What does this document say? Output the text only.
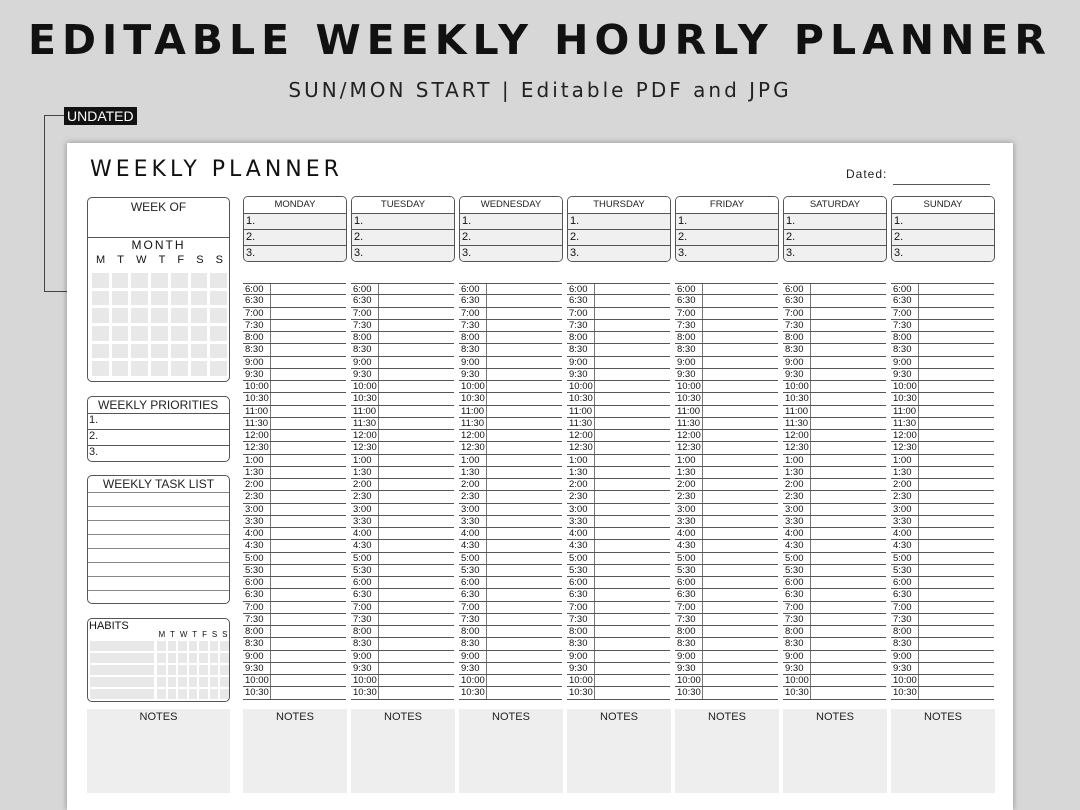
EDITABLE WEEKLY HOURLY PLANNER
SUN/MON START | Editable PDF and JPG
UNDATED
WEEKLY PLANNER	Dated:
WEEK OF
MONTH
M T W T F S S
WEEKLY PRIORITIES
1.
2.
3.
WEEKLY TASK LIST
HABITS
M T W T F S S
MONDAY
1.
2.
3.
6:00
6:30
7:00
7:30
8:00
8:30
9:00
9:30
10:00
10:30
11:00
11:30
12:00
12:30
1:00
1:30
2:00
2:30
3:00
3:30
4:00
4:30
5:00
5:30
6:00
6:30
7:00
7:30
8:00
8:30
9:00
9:30
10:00
10:30
TUESDAY
1.
2.
3.
6:00
6:30
7:00
7:30
8:00
8:30
9:00
9:30
10:00
10:30
11:00
11:30
12:00
12:30
1:00
1:30
2:00
2:30
3:00
3:30
4:00
4:30
5:00
5:30
6:00
6:30
7:00
7:30
8:00
8:30
9:00
9:30
10:00
10:30
WEDNESDAY
1.
2.
3.
6:00
6:30
7:00
7:30
8:00
8:30
9:00
9:30
10:00
10:30
11:00
11:30
12:00
12:30
1:00
1:30
2:00
2:30
3:00
3:30
4:00
4:30
5:00
5:30
6:00
6:30
7:00
7:30
8:00
8:30
9:00
9:30
10:00
10:30
THURSDAY
1.
2.
3.
6:00
6:30
7:00
7:30
8:00
8:30
9:00
9:30
10:00
10:30
11:00
11:30
12:00
12:30
1:00
1:30
2:00
2:30
3:00
3:30
4:00
4:30
5:00
5:30
6:00
6:30
7:00
7:30
8:00
8:30
9:00
9:30
10:00
10:30
FRIDAY
1.
2.
3.
6:00
6:30
7:00
7:30
8:00
8:30
9:00
9:30
10:00
10:30
11:00
11:30
12:00
12:30
1:00
1:30
2:00
2:30
3:00
3:30
4:00
4:30
5:00
5:30
6:00
6:30
7:00
7:30
8:00
8:30
9:00
9:30
10:00
10:30
SATURDAY
1.
2.
3.
6:00
6:30
7:00
7:30
8:00
8:30
9:00
9:30
10:00
10:30
11:00
11:30
12:00
12:30
1:00
1:30
2:00
2:30
3:00
3:30
4:00
4:30
5:00
5:30
6:00
6:30
7:00
7:30
8:00
8:30
9:00
9:30
10:00
10:30
SUNDAY
1.
2.
3.
6:00
6:30
7:00
7:30
8:00
8:30
9:00
9:30
10:00
10:30
11:00
11:30
12:00
12:30
1:00
1:30
2:00
2:30
3:00
3:30
4:00
4:30
5:00
5:30
6:00
6:30
7:00
7:30
8:00
8:30
9:00
9:30
10:00
10:30
NOTES	NOTES	NOTES	NOTES	NOTES	NOTES	NOTES	NOTES
